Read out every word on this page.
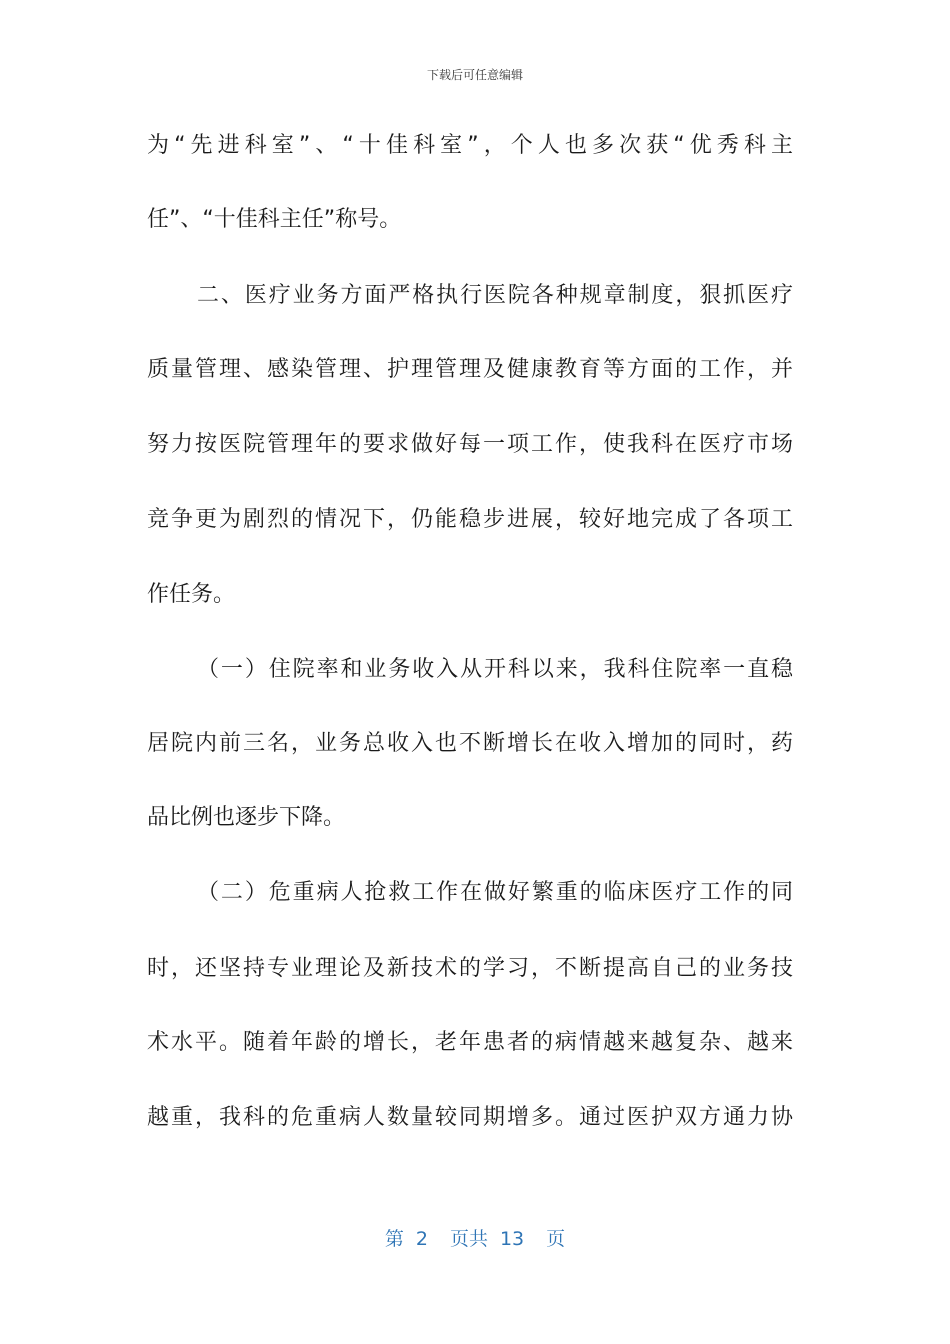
下载后可任意编辑
为“先进科室”、“十佳科室”，个人也多次获“优秀科主
任”、“十佳科主任”称号。
二、医疗业务方面严格执行医院各种规章制度，狠抓医疗
质量管理、感染管理、护理管理及健康教育等方面的工作，并
努力按医院管理年的要求做好每一项工作，使我科在医疗市场
竞争更为剧烈的情况下，仍能稳步进展，较好地完成了各项工
作任务。
（一）住院率和业务收入从开科以来，我科住院率一直稳
居院内前三名，业务总收入也不断增长在收入增加的同时，药
品比例也逐步下降。
（二）危重病人抢救工作在做好繁重的临床医疗工作的同
时，还坚持专业理论及新技术的学习，不断提高自己的业务技
术水平。随着年龄的增长，老年患者的病情越来越复杂、越来
越重，我科的危重病人数量较同期增多。通过医护双方通力协
第 2 页共 13 页
